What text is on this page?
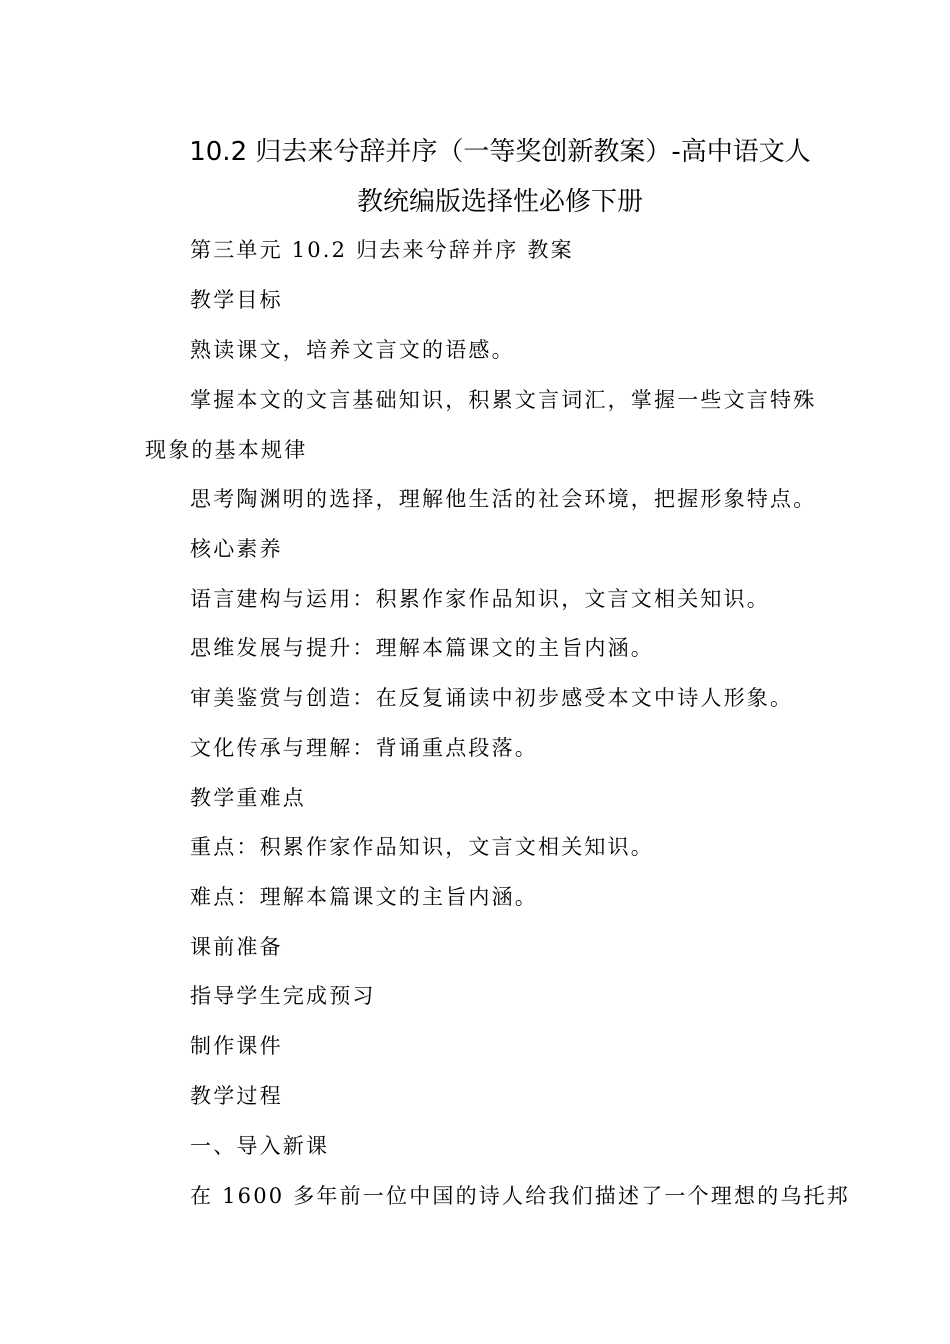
10.2 归去来兮辞并序（一等奖创新教案）-高中语文人
教统编版选择性必修下册

第三单元 10.2 归去来兮辞并序 教案

教学目标

熟读课文，培养文言文的语感。

掌握本文的文言基础知识，积累文言词汇，掌握一些文言特殊

现象的基本规律

思考陶渊明的选择，理解他生活的社会环境，把握形象特点。

核心素养

语言建构与运用：积累作家作品知识，文言文相关知识。

思维发展与提升：理解本篇课文的主旨内涵。

审美鉴赏与创造：在反复诵读中初步感受本文中诗人形象。

文化传承与理解：背诵重点段落。

教学重难点

重点：积累作家作品知识，文言文相关知识。

难点：理解本篇课文的主旨内涵。

课前准备

指导学生完成预习

制作课件

教学过程

一、导入新课

在 1600 多年前一位中国的诗人给我们描述了一个理想的乌托邦
